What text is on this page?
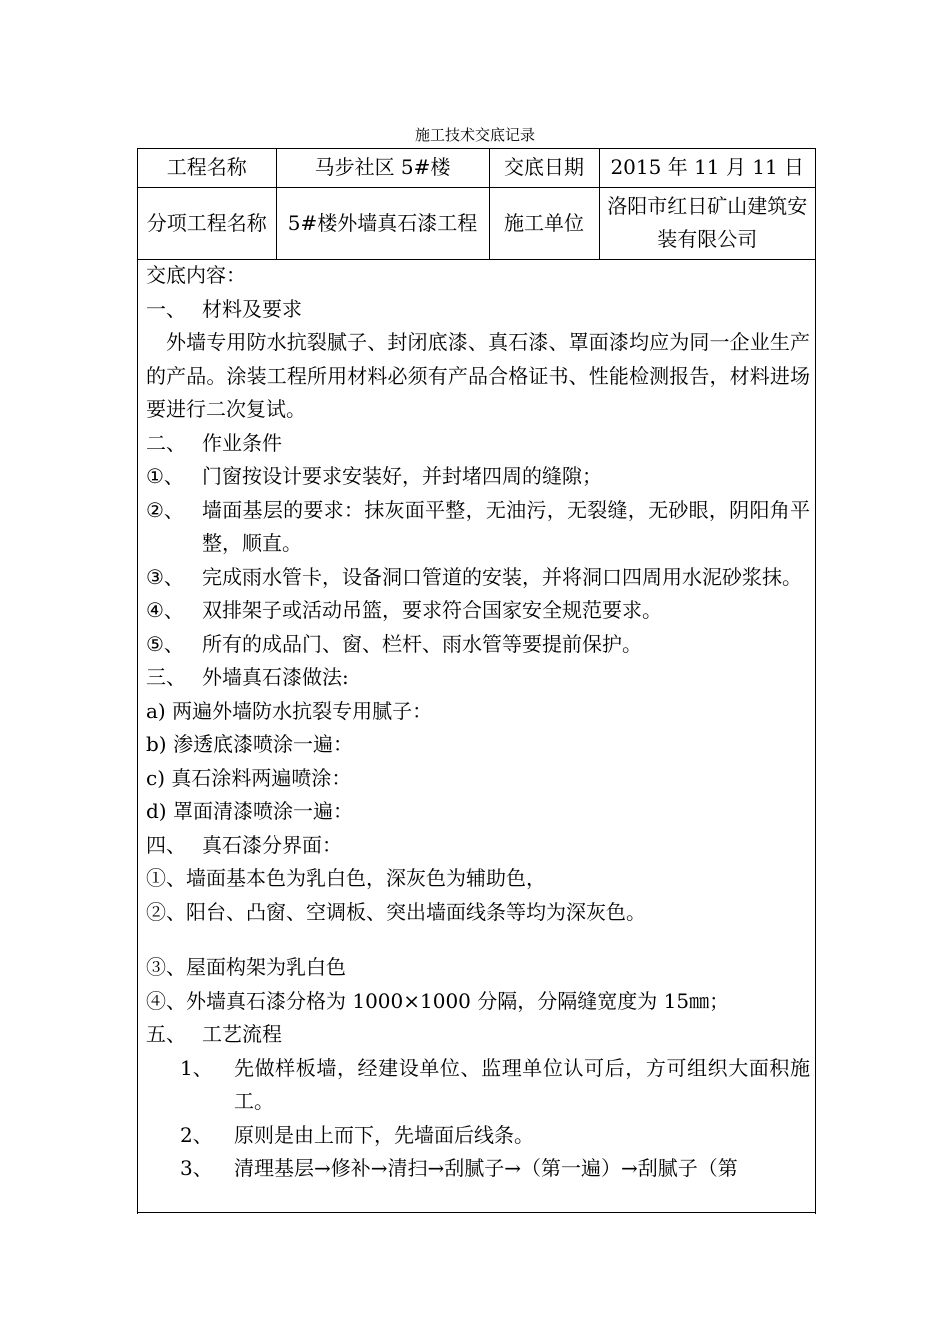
施工技术交底记录
工程名称	马步社区 5#楼	交底日期	2015 年 11 月 11 日
分项工程名称	5#楼外墙真石漆工程	施工单位	洛阳市红日矿山建筑安装有限公司
交底内容：
一、 材料及要求
外墙专用防水抗裂腻子、封闭底漆、真石漆、罩面漆均应为同一企业生产的产品。涂装工程所用材料必须有产品合格证书、性能检测报告，材料进场要进行二次复试。
二、 作业条件
①、 门窗按设计要求安装好，并封堵四周的缝隙；
②、 墙面基层的要求：抹灰面平整，无油污，无裂缝，无砂眼，阴阳角平整，顺直。
③、 完成雨水管卡，设备洞口管道的安装，并将洞口四周用水泥砂浆抹。
④、 双排架子或活动吊篮，要求符合国家安全规范要求。
⑤、 所有的成品门、窗、栏杆、雨水管等要提前保护。
三、 外墙真石漆做法:
a) 两遍外墙防水抗裂专用腻子：
b) 渗透底漆喷涂一遍：
c) 真石涂料两遍喷涂：
d) 罩面清漆喷涂一遍：
四、 真石漆分界面：
①、墙面基本色为乳白色，深灰色为辅助色，
②、阳台、凸窗、空调板、突出墙面线条等均为深灰色。
③、屋面构架为乳白色
④、外墙真石漆分格为 1000×1000 分隔，分隔缝宽度为 15㎜；
五、 工艺流程
1、	先做样板墙，经建设单位、监理单位认可后，方可组织大面积施工。
2、	原则是由上而下，先墙面后线条。
3、	清理基层→修补→清扫→刮腻子→（第一遍）→刮腻子（第
